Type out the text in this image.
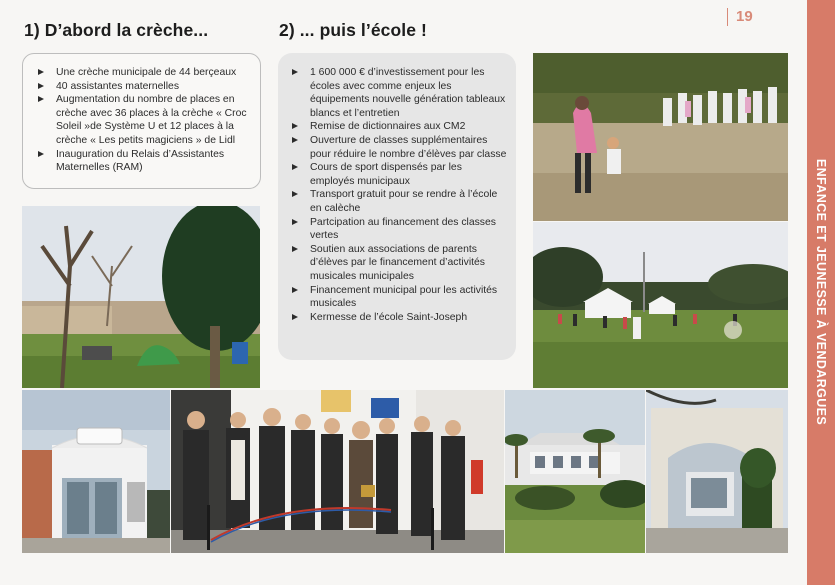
1) D’abord la crèche...	2) ... puis l’école !
19
Une crèche municipale de 44 berçeaux
40 assistantes maternelles
Augmentation du nombre de places en crèche avec 36 places à la crèche « Croc Soleil »de Système U et 12 places à la crèche « Les petits magiciens » de Lidl
Inauguration du Relais d’Assistantes Maternelles (RAM)
1 600 000 € d’investissement pour les écoles avec comme enjeux les équipements nouvelle génération tableaux blancs et l’entretien
Remise de dictionnaires aux CM2
Ouverture de classes supplémentaires pour réduire le nombre d’élèves par classe
Cours de sport dispensés par les employés municipaux
Transport gratuit pour se rendre à l’école en calèche
Partcipation au financement des classes vertes
Soutien aux associations de parents d’élèves par le financement d’activités musicales municipales
Financement municipal pour les activités musicales
Kermesse de l’école Saint-Joseph	ENFANCE ET JEUNESSE À VENDARGUES
